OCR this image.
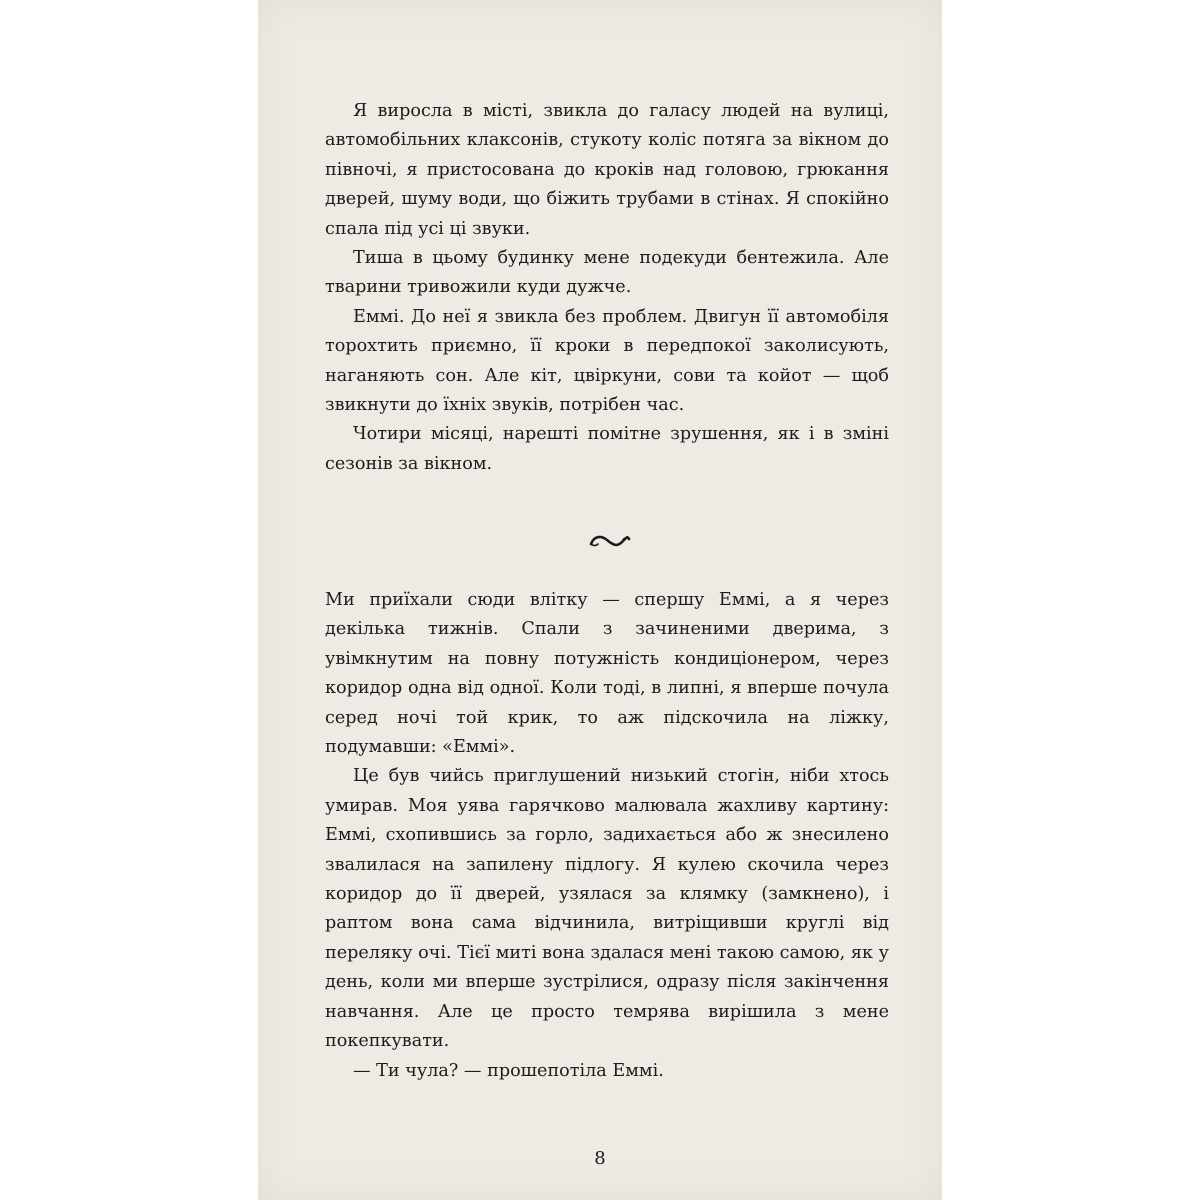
Я виросла в місті, звикла до галасу людей на вулиці, автомобільних клаксонів, стукоту коліс потяга за вікном до півночі, я пристосована до кроків над головою, грюкання дверей, шуму води, що біжить трубами в стінах. Я спокійно спала під усі ці звуки.

Тиша в цьому будинку мене подекуди бентежила. Але тварини тривожили куди дужче.

Еммі. До неї я звикла без проблем. Двигун її автомобіля торохтить приємно, її кроки в передпокої заколисують, наганяють сон. Але кіт, цвіркуни, сови та койот — щоб звикнути до їхніх звуків, потрібен час.

Чотири місяці, нарешті помітне зрушення, як і в зміні сезонів за вікном.

Ми приїхали сюди влітку — спершу Еммі, а я через декілька тижнів. Спали з зачиненими дверима, з увімкнутим на повну потужність кондиціонером, через коридор одна від одної. Коли тоді, в липні, я вперше почула серед ночі той крик, то аж підскочила на ліжку, подумавши: «Еммі».

Це був чийсь приглушений низький стогін, ніби хтось умирав. Моя уява гарячково малювала жахливу картину: Еммі, схопившись за горло, задихається або ж знесилено звалилася на запилену підлогу. Я кулею скочила через коридор до її дверей, узялася за клямку (замкнено), і раптом вона сама відчинила, витріщивши круглі від переляку очі. Тієї миті вона здалася мені такою самою, як у день, коли ми вперше зустрілися, одразу після закінчення навчання. Але це просто темрява вирішила з мене покепкувати.

— Ти чула? — прошепотіла Еммі.

8
